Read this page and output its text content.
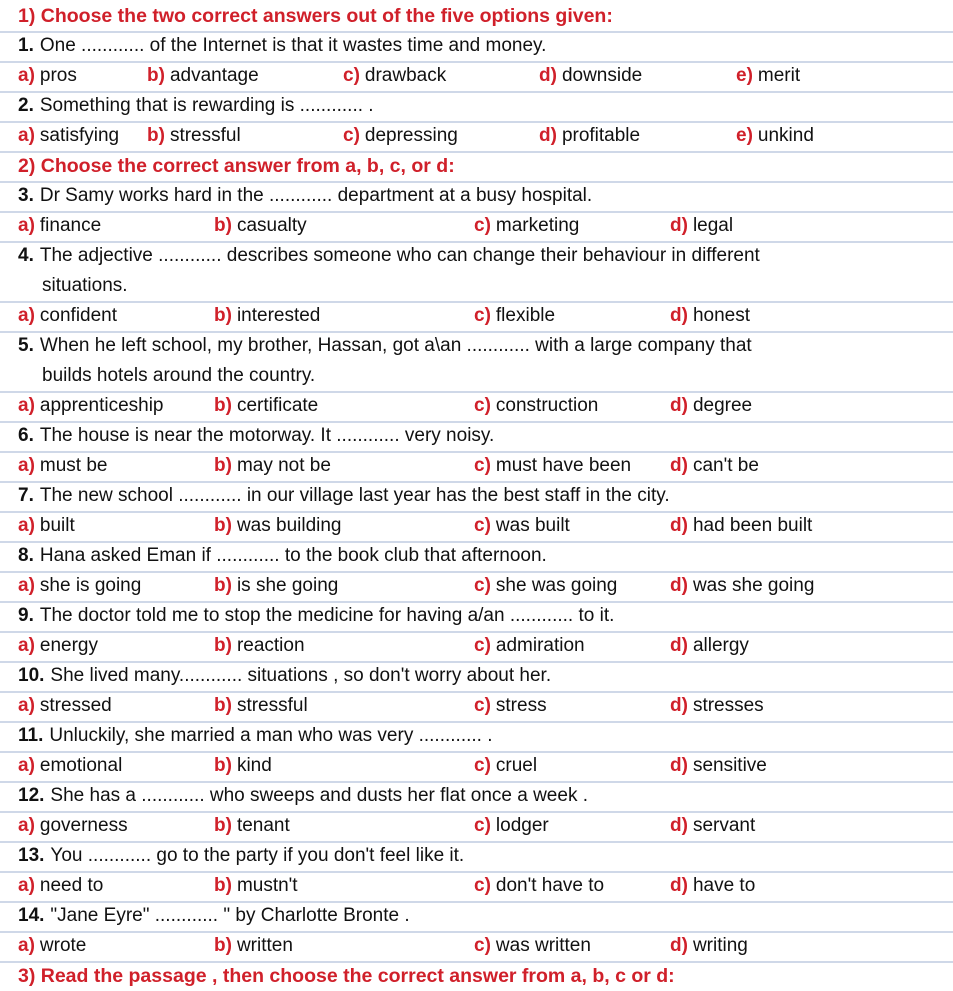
1) Choose the two correct answers out of the five options given:
1. One ............ of the Internet is that it wastes time and money.
a) pros	b) advantage	c) drawback	d) downside	e) merit
2. Something that is rewarding is ............ .
a) satisfying b) stressful	c) depressing	d) profitable	e) unkind
2) Choose the correct answer from a, b, c, or d:
3. Dr Samy works hard in the ............ department at a busy hospital.
a) finance	b) casualty	c) marketing	d) legal
4. The adjective ............ describes someone who can change their behaviour in different
situations.
a) confident	b) interested	c) flexible	d) honest
5. When he left school, my brother, Hassan, got a\an ............ with a large company that
builds hotels around the country.
a) apprenticeship	b) certificate	c) construction	d) degree
6. The house is near the motorway. It ............ very noisy.
a) must be	b) may not be	c) must have been d) can't be
7. The new school ............ in our village last year has the best staff in the city.
a) built	b) was building	c) was built	d) had been built
8. Hana asked Eman if ............ to the book club that afternoon.
a) she is going	b) is she going	c) she was going	d) was she going
9. The doctor told me to stop the medicine for having a/an ............ to it.
a) energy	b) reaction	c) admiration	d) allergy
10. She lived many............ situations , so don't worry about her.
a) stressed	b) stressful	c) stress	d) stresses
11. Unluckily, she married a man who was very ............ .
a) emotional	b) kind	c) cruel	d) sensitive
12. She has a ............ who sweeps and dusts her flat once a week .
a) governess	b) tenant	c) lodger	d) servant
13. You ............ go to the party if you don't feel like it.
a) need to	b) mustn't	c) don't have to	d) have to
14. "Jane Eyre" ............ " by Charlotte Bronte .
a) wrote	b) written	c) was written	d) writing
3) Read the passage , then choose the correct answer from a, b, c or d:
